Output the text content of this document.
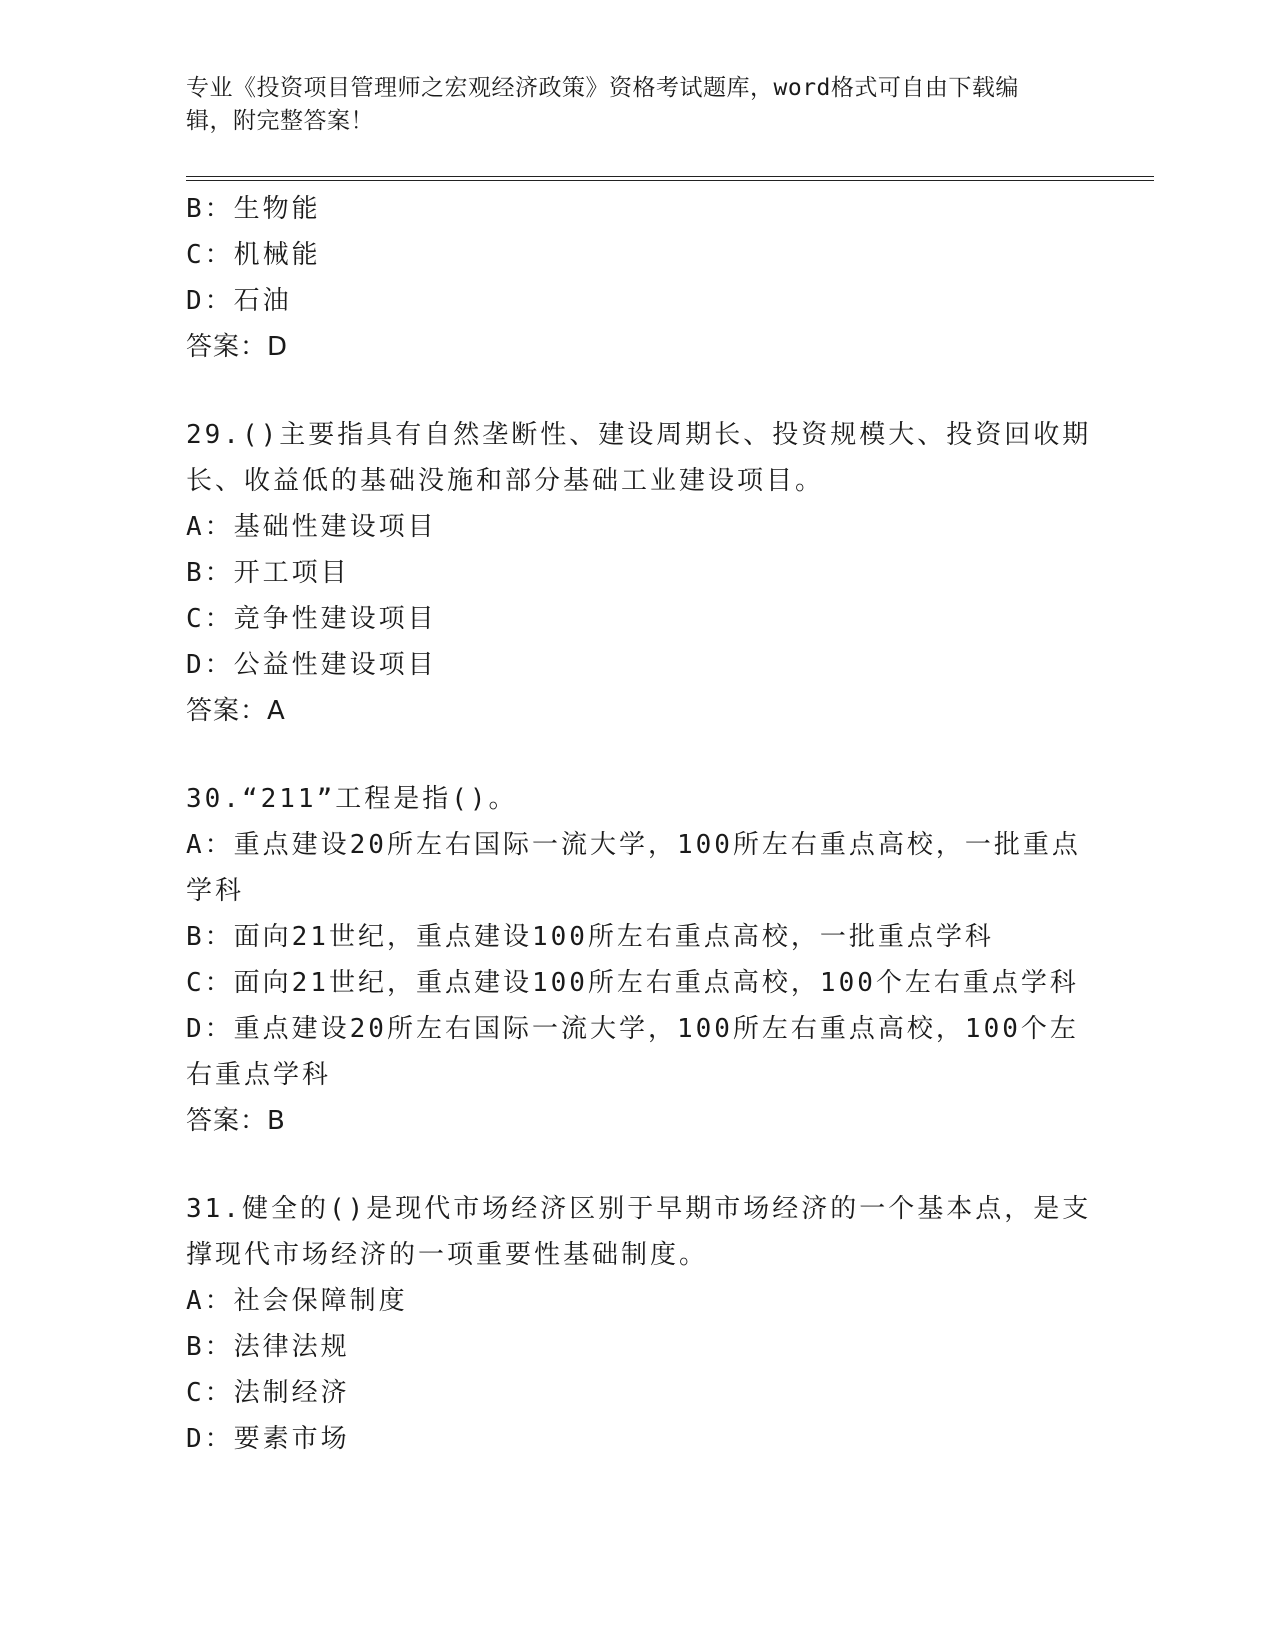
专业《投资项目管理师之宏观经济政策》资格考试题库，word格式可自由下载编
辑，附完整答案！
B：生物能
C：机械能
D：石油
答案：D
29.()主要指具有自然垄断性、建设周期长、投资规模大、投资回收期
长、收益低的基础没施和部分基础工业建设项目。
A：基础性建设项目
B：开工项目
C：竞争性建设项目
D：公益性建设项目
答案：A
30.“211”工程是指()。
A：重点建设20所左右国际一流大学，100所左右重点高校，一批重点
学科
B：面向21世纪，重点建设100所左右重点高校，一批重点学科
C：面向21世纪，重点建设100所左右重点高校，100个左右重点学科
D：重点建设20所左右国际一流大学，100所左右重点高校，100个左
右重点学科
答案：B
31.健全的()是现代市场经济区别于早期市场经济的一个基本点，是支
撑现代市场经济的一项重要性基础制度。
A：社会保障制度
B：法律法规
C：法制经济
D：要素市场
